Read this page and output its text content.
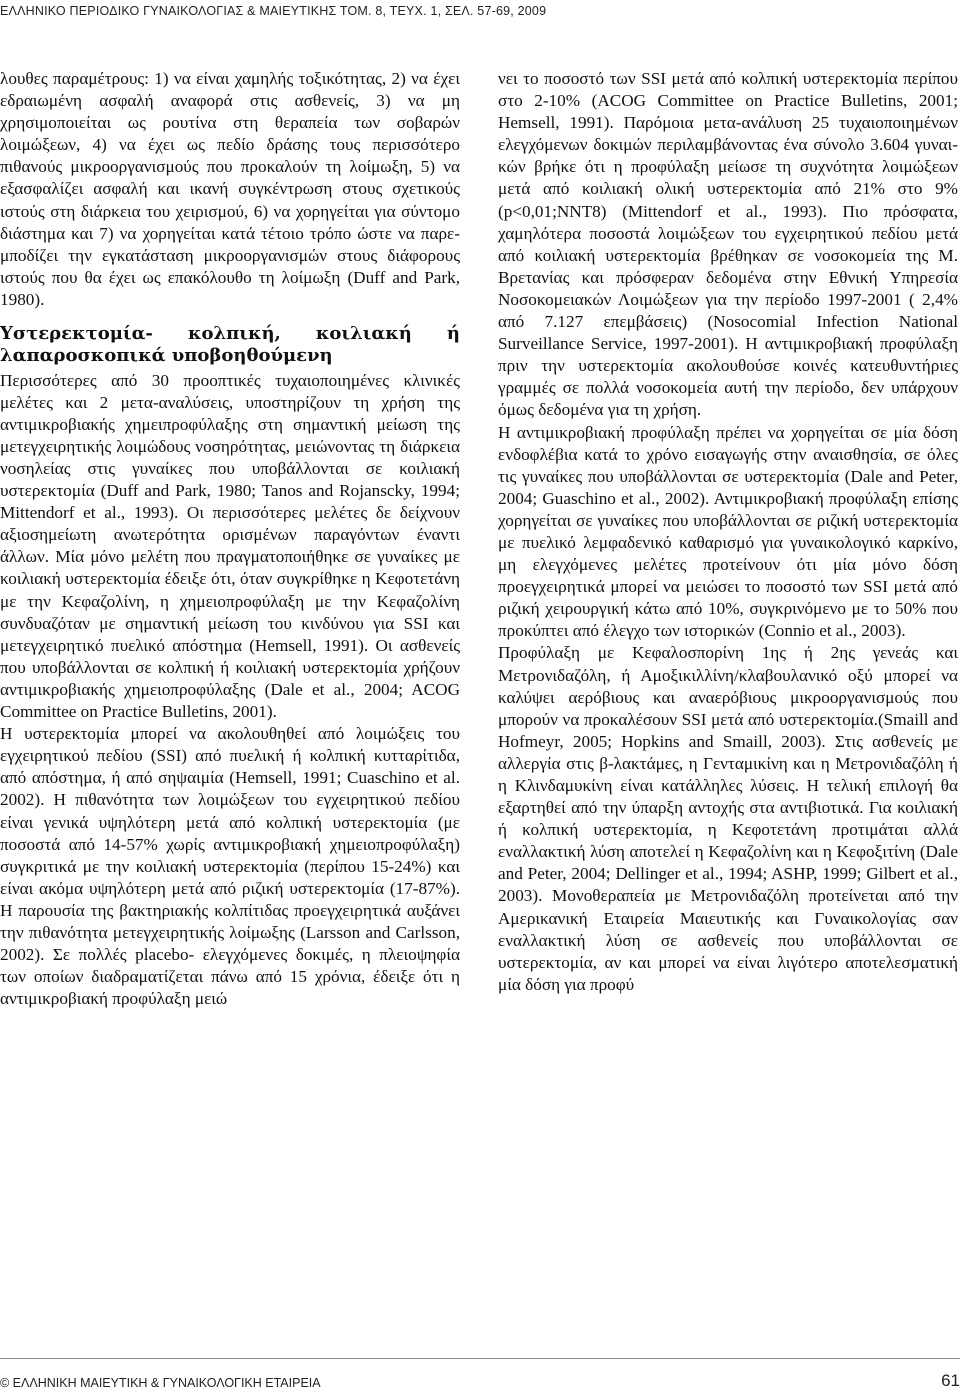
ΕΛΛΗΝΙΚΟ ΠΕΡΙΟΔΙΚΟ ΓΥΝΑΙΚΟΛΟΓΙΑΣ & ΜΑΙΕΥΤΙΚΗΣ ΤΟΜ. 8, ΤΕΥΧ. 1, ΣΕΛ. 57-69, 2009

λουθες παραμέτρους: 1) να είναι χαμηλής τοξικότητας, 2) να έχει εδραιωμένη ασφαλή αναφορά στις ασθενείς, 3) να μη χρησιμοποιείται ως ρουτίνα στη θεραπεία των σοβαρών λοιμώξεων, 4) να έχει ως πεδίο δράσης τους περισσότερο πιθανούς μικροοργανισμούς που προκαλούν τη λοίμωξη, 5) να εξασφαλίζει ασφαλή και ικανή συγκέντρωση στους σχετικούς ιστούς στη διάρκεια του χειρισμού, 6) να χορηγείται για σύντομο διάστημα και 7) να χορηγείται κατά τέτοιο τρόπο ώστε να παρεμποδίζει την εγκατάσταση μικροοργανισμών στους διάφορους ιστούς που θα έχει ως επακόλουθο τη λοίμωξη (Duff and Park, 1980).

Υστερεκτομία- κολπική, κοιλιακή ή λαπαροσκοπικά υποβοηθούμενη

Περισσότερες από 30 προοπτικές τυχαιοποιημένες κλινικές μελέτες και 2 μετα-αναλύσεις, υποστηρίζουν τη χρήση της αντιμικροβιακής χημειπροφύλαξης στη σημαντική μείωση της μετεγχειρητικής λοιμώδους νοσηρότητας, μειώνοντας τη διάρκεια νοσηλείας στις γυναίκες που υποβάλλονται σε κοιλιακή υστερεκτομία (Duff and Park, 1980; Tanos and Rojanscky, 1994; Mittendorf et al., 1993). Οι περισσότερες μελέτες δε δείχνουν αξιοσημείωτη ανωτερότητα ορισμένων παραγόντων έναντι άλλων. Μία μόνο μελέτη που πραγματοποιήθηκε σε γυναίκες με κοιλιακή υστερεκτομία έδειξε ότι, όταν συγκρίθηκε η Κεφοτετάνη με την Κεφαζολίνη, η χημειοπροφύλαξη με την Κεφαζολίνη συνδυαζόταν με σημαντική μείωση του κινδύνου για SSI και μετεγχειρητικό πυελικό απόστημα (Hemsell, 1991). Οι ασθενείς που υποβάλλονται σε κολπική ή κοιλιακή υστερεκτομία χρήζουν αντιμικροβιακής χημειοπροφύλαξης (Dale et al., 2004; ACOG Committee on Practice Bulletins, 2001).

Η υστερεκτομία μπορεί να ακολουθηθεί από λοιμώξεις του εγχειρητικού πεδίου (SSI) από πυελική ή κολπική κυτταρίτιδα, από απόστημα, ή από σηψαιμία (Hemsell, 1991; Cuaschino et al. 2002). Η πιθανότητα των λοιμώξεων του εγχειρητικού πεδίου είναι γενικά υψηλότερη μετά από κολπική υστερεκτομία (με ποσοστά από 14-57% χωρίς αντιμικροβιακή χημειοπροφύλαξη) συγκριτικά με την κοιλιακή υστερεκτομία (περίπου 15-24%) και είναι ακόμα υψηλότερη μετά από ριζική υστερεκτομία (17-87%). Η παρουσία της βακτηριακής κολπίτιδας προεγχειρητικά αυξάνει την πιθανότητα μετεγχειρητικής λοίμωξης (Larsson and Carlsson, 2002). Σε πολλές placebo- ελεγχόμενες δοκιμές, η πλειοψηφία των οποίων διαδραματίζεται πάνω από 15 χρόνια, έδειξε ότι η αντιμικροβιακή προφύλαξη μειώ

νει το ποσοστό των SSI μετά από κολπική υστερεκτομία περίπου στο 2-10% (ACOG Committee on Practice Bulletins, 2001; Hemsell, 1991). Παρόμοια μετα-ανάλυση 25 τυχαιοποιημένων ελεγχόμενων δοκιμών περιλαμβάνοντας ένα σύνολο 3.604 γυναικών βρήκε ότι η προφύλαξη μείωσε τη συχνότητα λοιμώξεων μετά από κοιλιακή ολική υστερεκτομία από 21% στο 9% (p<0,01;NNT8) (Mittendorf et al., 1993). Πιο πρόσφατα, χαμηλότερα ποσοστά λοιμώξεων του εγχειρητικού πεδίου μετά από κοιλιακή υστερεκτομία βρέθηκαν σε νοσοκομεία της Μ. Βρετανίας και πρόσφεραν δεδομένα στην Εθνική Υπηρεσία Νοσοκομειακών Λοιμώξεων για την περίοδο 1997-2001 ( 2,4% από 7.127 επεμβάσεις) (Nosocomial Infection National Surveillance Service, 1997-2001). Η αντιμικροβιακή προφύλαξη πριν την υστερεκτομία ακολουθούσε κοινές κατευθυντήριες γραμμές σε πολλά νοσοκομεία αυτή την περίοδο, δεν υπάρχουν όμως δεδομένα για τη χρήση.

Η αντιμικροβιακή προφύλαξη πρέπει να χορηγείται σε μία δόση ενδοφλέβια κατά το χρόνο εισαγωγής στην αναισθησία, σε όλες τις γυναίκες που υποβάλλονται σε υστερεκτομία (Dale and Peter, 2004; Guaschino et al., 2002). Αντιμικροβιακή προφύλαξη επίσης χορηγείται σε γυναίκες που υποβάλλονται σε ριζική υστερεκτομία με πυελικό λεμφαδενικό καθαρισμό για γυναικολογικό καρκίνο, μη ελεγχόμενες μελέτες προτείνουν ότι μία μόνο δόση προεγχειρητικά μπορεί να μειώσει το ποσοστό των SSI μετά από ριζική χειρουργική κάτω από 10%, συγκρινόμενο με το 50% που προκύπτει από έλεγχο των ιστορικών (Connio et al., 2003).

Προφύλαξη με Κεφαλοσπορίνη 1ης ή 2ης γενεάς και Μετρονιδαζόλη, ή Αμοξικιλλίνη/κλαβουλανικό οξύ μπορεί να καλύψει αερόβιους και αναερόβιους μικροοργανισμούς που μπορούν να προκαλέσουν SSI μετά από υστερεκτομία.(Smaill and Hofmeyr, 2005; Hopkins and Smaill, 2003). Στις ασθενείς με αλλεργία στις β-λακτάμες, η Γενταμικίνη και η Μετρονιδαζόλη ή η Κλινδαμυκίνη είναι κατάλληλες λύσεις. Η τελική επιλογή θα εξαρτηθεί από την ύπαρξη αντοχής στα αντιβιοτικά. Για κοιλιακή ή κολπική υστερεκτομία, η Κεφοτετάνη προτιμάται αλλά εναλλακτική λύση αποτελεί η Κεφαζολίνη και η Κεφοξιτίνη (Dale and Peter, 2004; Dellinger et al., 1994; ASHP, 1999; Gilbert et al., 2003). Μονοθεραπεία με Μετρονιδαζόλη προτείνεται από την Αμερικανική Εταιρεία Μαιευτικής και Γυναικολογίας σαν εναλλακτική λύση σε ασθενείς που υποβάλλονται σε υστερεκτομία, αν και μπορεί να είναι λιγότερο αποτελεσματική μία δόση για προφύ

© ΕΛΛΗΝΙΚΗ ΜΑΙΕΥΤΙΚΗ & ΓΥΝΑΙΚΟΛΟΓΙΚΗ ΕΤΑΙΡΕΙΑ	61
